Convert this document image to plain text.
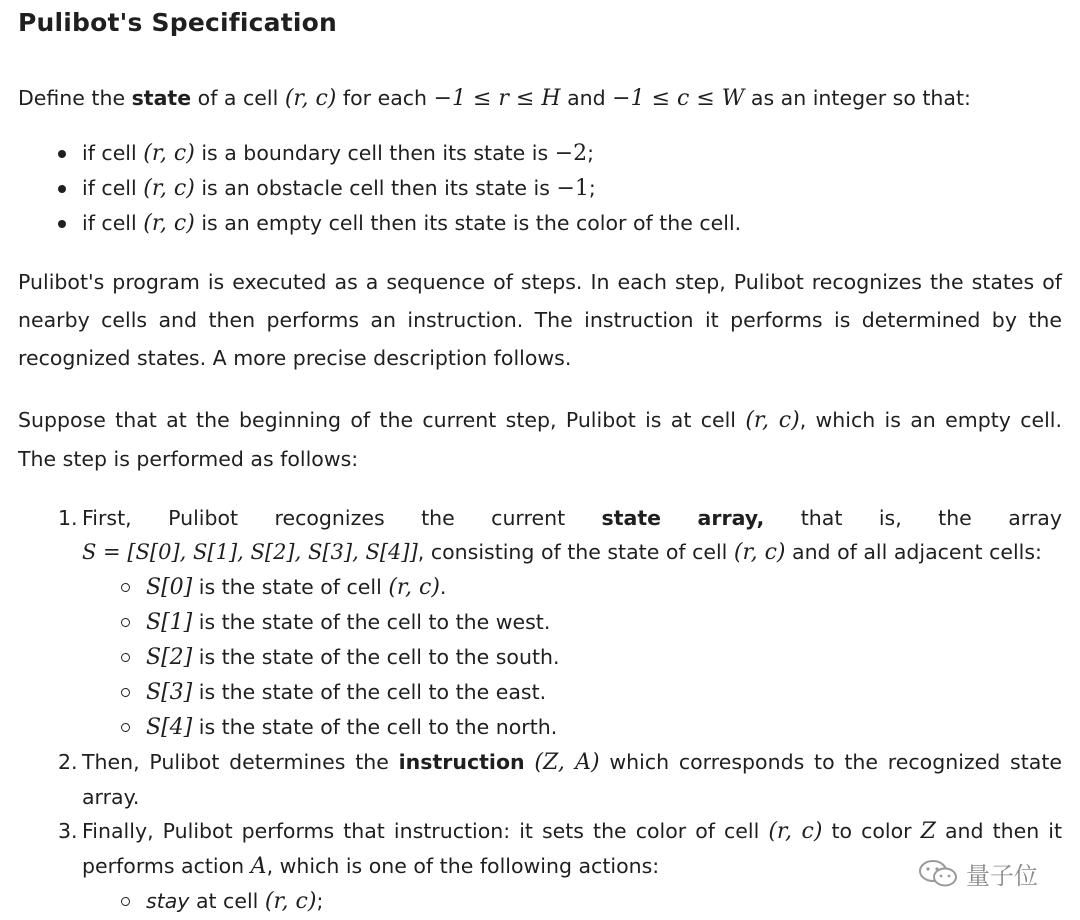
Pulibot's Specification

Define the state of a cell (r, c) for each −1 ≤ r ≤ H and −1 ≤ c ≤ W as an integer so that:

if cell (r, c) is a boundary cell then its state is −2;
if cell (r, c) is an obstacle cell then its state is −1;
if cell (r, c) is an empty cell then its state is the color of the cell.

Pulibot's program is executed as a sequence of steps. In each step, Pulibot recognizes the states of

nearby cells and then performs an instruction. The instruction it performs is determined by the

recognized states. A more precise description follows.

Suppose that at the beginning of the current step, Pulibot is at cell (r, c), which is an empty cell.

The step is performed as follows:

1. First, Pulibot recognizes the current state array, that is, the array
S = [S[0], S[1], S[2], S[3], S[4]], consisting of the state of cell (r, c) and of all adjacent cells:
S[0] is the state of cell (r, c).
S[1] is the state of the cell to the west.
S[2] is the state of the cell to the south.
S[3] is the state of the cell to the east.
S[4] is the state of the cell to the north.
2. Then, Pulibot determines the instruction (Z, A) which corresponds to the recognized state
array.
3. Finally, Pulibot performs that instruction: it sets the color of cell (r, c) to color Z and then it
performs action A, which is one of the following actions:
stay at cell (r, c);
量子位
